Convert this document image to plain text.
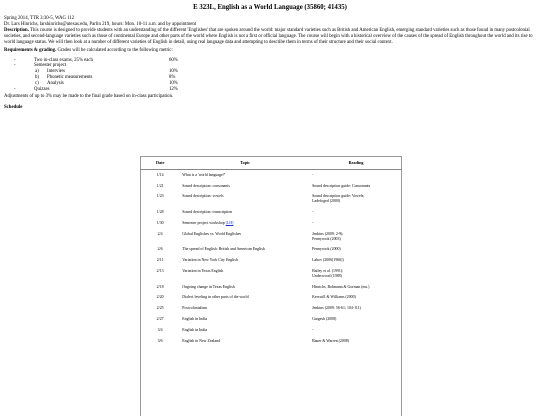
E 323L, English as a World Language (35860; 41435)

Spring 2014, TTR 3:30-5, WAG 112

Dr. Lars Hinrichs, larshinrichs@utexas.edu, Parlin 219, hours: Mon. 10-11 a.m. and by appointment

Description. This course is designed to provide students with an understanding of the different 'Englishes' that are spoken around the world: major standard varieties such as British and American English, emerging standard varieties such as those found in many postcolonial societies, and second-language varieties such as those of continental Europe and other parts of the world where English is not a first or official language. The course will begin with a historical overview of the causes of the spread of English throughout the world and its rise to world language status. We will then look at a number of different varieties of English in detail, using real language data and attempting to describe them in terms of their structure and their social context.

Requirements & grading. Grades will be calculated according to the following metric:

-	Two in-class exams, 25% each	60%
-	Semester project
a) Interview	10%
b) Phonetic measurements	8%
c) Analysis	10%
-	Quizzes	12%

Adjustments of up to 3% may be made to the final grade based on in-class participation.

Schedule
Date	Topic	Reading
1/14	What is a 'world language?'	-

1/21	Sound description: consonants	Sound description guide: Consonants

1/23	Sound description: vowels	Sound description guide: Vowels;
Ladefoged (2000)

1/28	Sound description: transcription	-

1/30	Semester project workshop [LH]	-

2/4	Global Englishes vs. World Englishes	Jenkins (2009: 2-9);
Pennycook (2003)

2/6	The spread of English: British and American English	Pennycook (2000)

2/11	Variation in New York City English	Labov (2006[1966])

2/13	Variation in Texas English	Bailey et al. (1991);
Underwood (1988)

2/18	Ongoing change in Texas English	Hinrichs, Bohmann & Gorman (ms.)

2/20	Dialect leveling in other parts of the world	Kerswill & Williams (2000)

2/25	Postcolonialism	Jenkins (2009: 56-61; 104-111)

2/27	English in India	Gargesh (2008)

3/4	English in India	-

3/6	English in New Zealand	Bauer & Warren (2008)
